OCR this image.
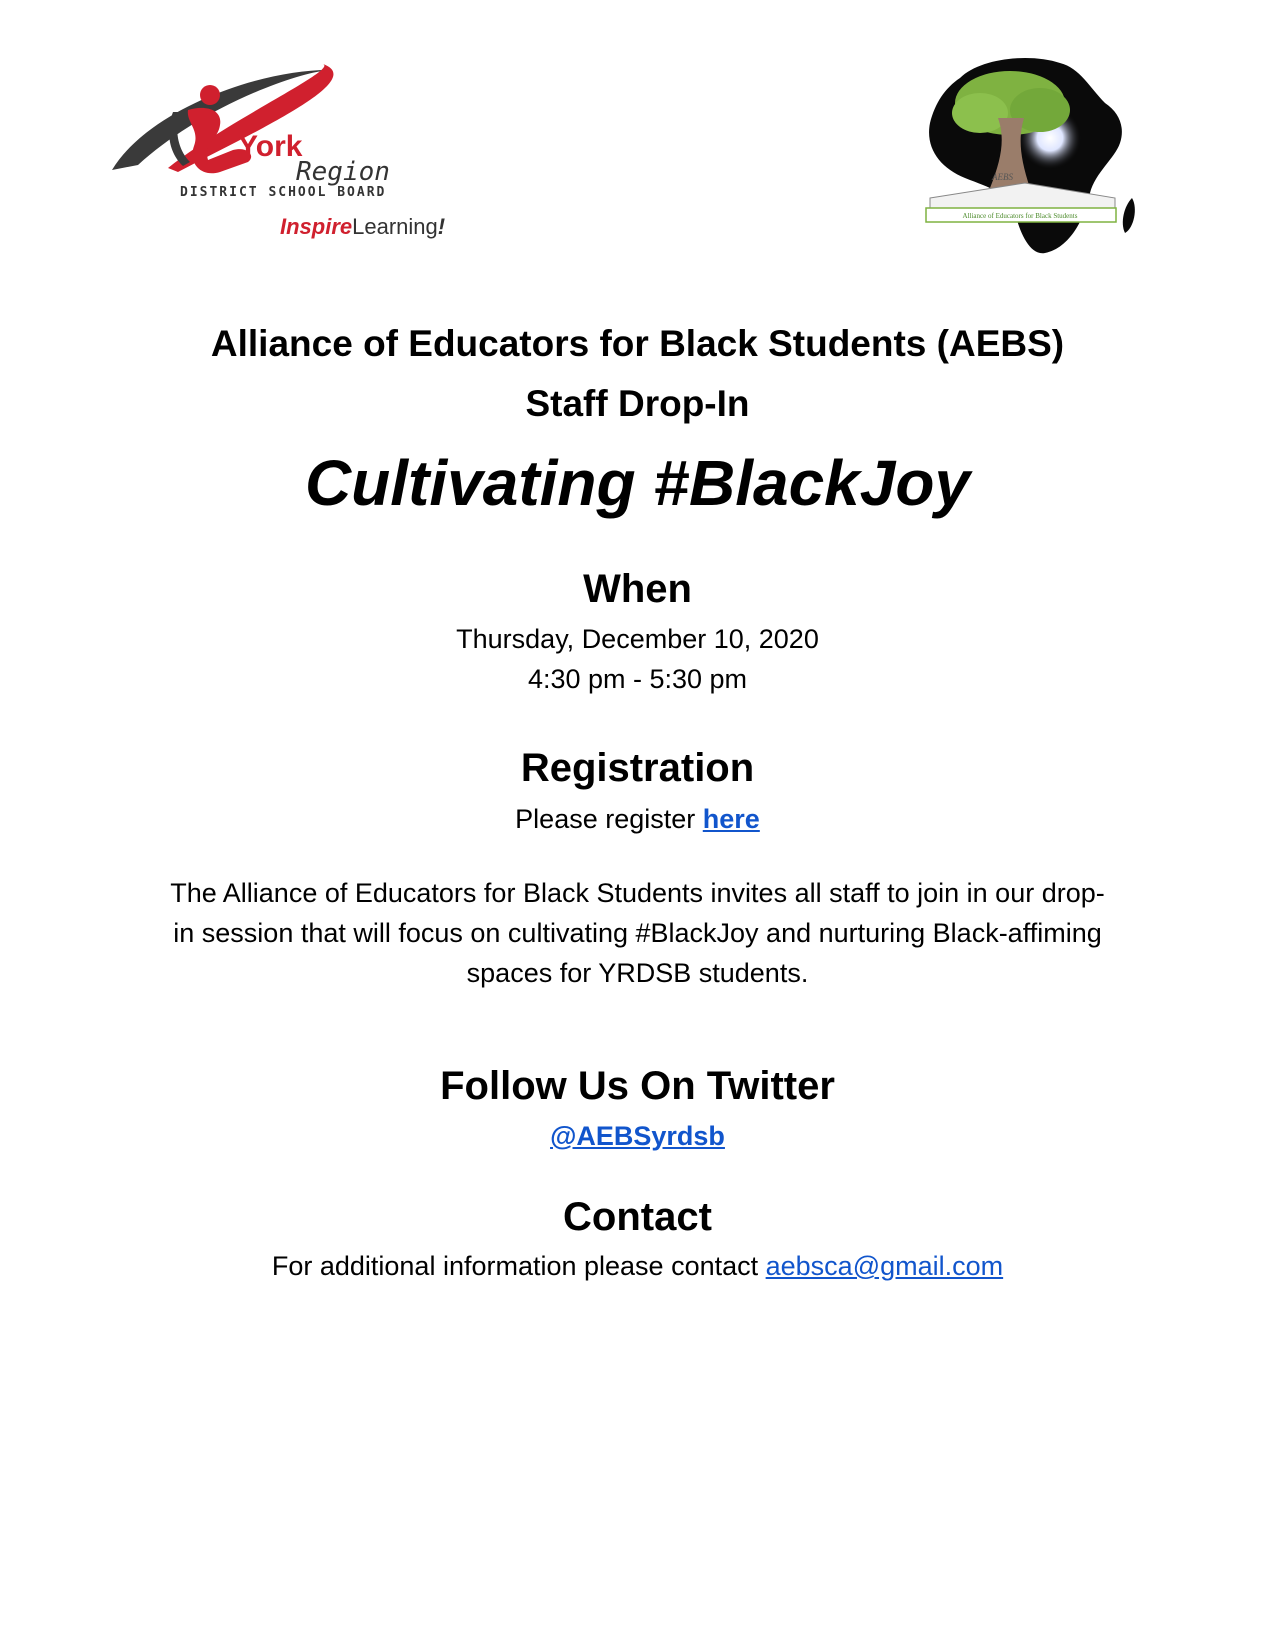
York
Region
DISTRICT SCHOOL BOARD
InspireLearning!
AEBS
Alliance of Educators for Black Students
Alliance of Educators for Black Students (AEBS)
Staff Drop-In
Cultivating #BlackJoy
When
Thursday, December 10, 2020
4:30 pm - 5:30 pm
Registration
Please register here
The Alliance of Educators for Black Students invites all staff to join in our drop-in session that will focus on cultivating #BlackJoy and nurturing Black-affiming spaces for YRDSB students.
Follow Us On Twitter
@AEBSyrdsb
Contact
For additional information please contact aebsca@gmail.com
